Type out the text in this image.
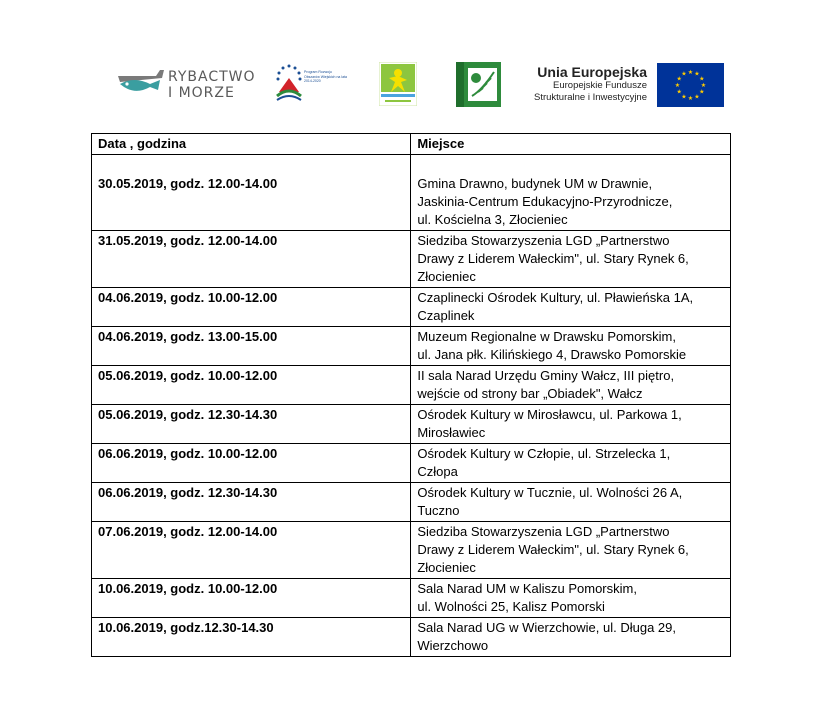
RYBACTWO
I MORZE
Program Rozwoju Obszarów Wiejskich na lata 2014-2020
Unia Europejska
Europejskie Fundusze
Strukturalne i Inwestycyjne
★
★
★
★
★
★
★
★
★ ★ ★
★
Data , godzina	Miejsce
30.05.2019, godz. 12.00-14.00	Gmina Drawno, budynek UM w Drawnie,
Jaskinia-Centrum Edukacyjno-Przyrodnicze,
ul. Kościelna 3, Złocieniec

31.05.2019, godz. 12.00-14.00	Siedziba Stowarzyszenia LGD „Partnerstwo
Drawy z Liderem Wałeckim", ul. Stary Rynek 6,
Złocieniec

04.06.2019, godz. 10.00-12.00	Czaplinecki Ośrodek Kultury, ul. Pławieńska 1A,
Czaplinek

04.06.2019, godz. 13.00-15.00	Muzeum Regionalne w Drawsku Pomorskim,
ul. Jana płk. Kilińskiego 4, Drawsko Pomorskie

05.06.2019, godz. 10.00-12.00	II sala Narad Urzędu Gminy Wałcz, III piętro,
wejście od strony bar „Obiadek", Wałcz

05.06.2019, godz. 12.30-14.30	Ośrodek Kultury w Mirosławcu, ul. Parkowa 1,
Mirosławiec

06.06.2019, godz. 10.00-12.00	Ośrodek Kultury w Człopie, ul. Strzelecka 1,
Człopa

06.06.2019, godz. 12.30-14.30	Ośrodek Kultury w Tucznie, ul. Wolności 26 A,
Tuczno

07.06.2019, godz. 12.00-14.00	Siedziba Stowarzyszenia LGD „Partnerstwo
Drawy z Liderem Wałeckim", ul. Stary Rynek 6,
Złocieniec

10.06.2019, godz. 10.00-12.00	Sala Narad UM w Kaliszu Pomorskim,
ul. Wolności 25, Kalisz Pomorski

10.06.2019, godz.12.30-14.30	Sala Narad UG w Wierzchowie, ul. Długa 29,
Wierzchowo
